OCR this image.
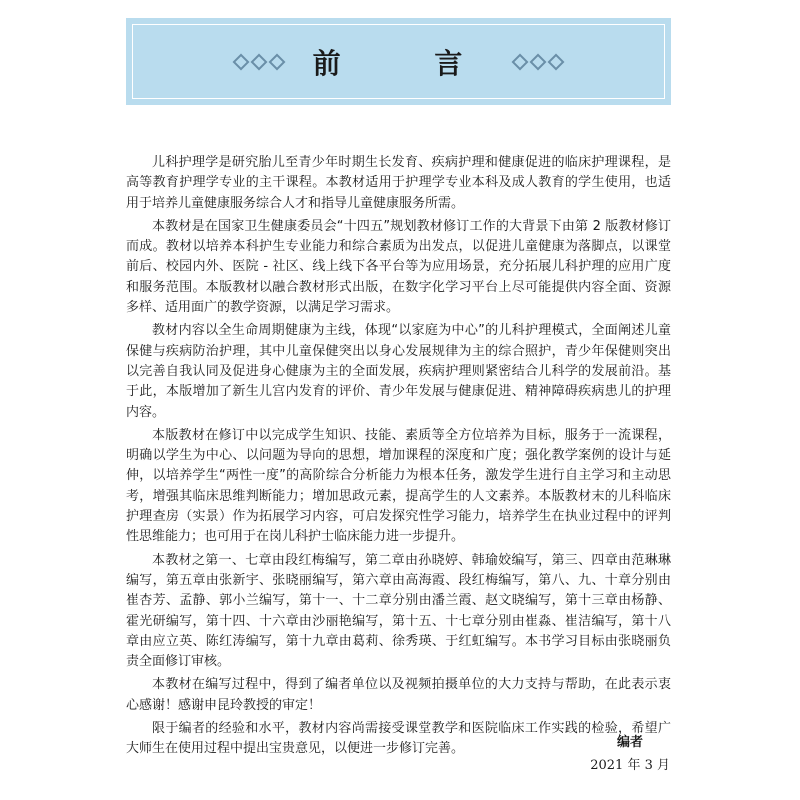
前 言

儿科护理学是研究胎儿至青少年时期生长发育、疾病护理和健康促进的临床护理课程，是高等教育护理学专业的主干课程。本教材适用于护理学专业本科及成人教育的学生使用，也适用于培养儿童健康服务综合人才和指导儿童健康服务所需。

本教材是在国家卫生健康委员会“十四五”规划教材修订工作的大背景下由第 2 版教材修订而成。教材以培养本科护生专业能力和综合素质为出发点，以促进儿童健康为落脚点，以课堂前后、校园内外、医院 - 社区、线上线下各平台等为应用场景，充分拓展儿科护理的应用广度和服务范围。本版教材以融合教材形式出版，在数字化学习平台上尽可能提供内容全面、资源多样、适用面广的教学资源，以满足学习需求。

教材内容以全生命周期健康为主线，体现“以家庭为中心”的儿科护理模式，全面阐述儿童保健与疾病防治护理，其中儿童保健突出以身心发展规律为主的综合照护，青少年保健则突出以完善自我认同及促进身心健康为主的全面发展，疾病护理则紧密结合儿科学的发展前沿。基于此，本版增加了新生儿宫内发育的评价、青少年发展与健康促进、精神障碍疾病患儿的护理内容。

本版教材在修订中以完成学生知识、技能、素质等全方位培养为目标，服务于一流课程，明确以学生为中心、以问题为导向的思想，增加课程的深度和广度；强化教学案例的设计与延伸，以培养学生“两性一度”的高阶综合分析能力为根本任务，激发学生进行自主学习和主动思考，增强其临床思维判断能力；增加思政元素，提高学生的人文素养。本版教材末的儿科临床护理查房（实景）作为拓展学习内容，可启发探究性学习能力，培养学生在执业过程中的评判性思维能力；也可用于在岗儿科护士临床能力进一步提升。

本教材之第一、七章由段红梅编写，第二章由孙晓婷、韩瑜姣编写，第三、四章由范琳琳编写，第五章由张新宇、张晓丽编写，第六章由高海霞、段红梅编写，第八、九、十章分别由崔杏芳、孟静、郭小兰编写，第十一、十二章分别由潘兰霞、赵文晓编写，第十三章由杨静、霍光研编写，第十四、十六章由沙丽艳编写，第十五、十七章分别由崔淼、崔洁编写，第十八章由应立英、陈红涛编写，第十九章由葛莉、徐秀瑛、于红虹编写。本书学习目标由张晓丽负责全面修订审核。

本教材在编写过程中，得到了编者单位以及视频拍摄单位的大力支持与帮助，在此表示衷心感谢！感谢申昆玲教授的审定！

限于编者的经验和水平，教材内容尚需接受课堂教学和医院临床工作实践的检验，希望广大师生在使用过程中提出宝贵意见，以便进一步修订完善。	编者
2021 年 3 月
